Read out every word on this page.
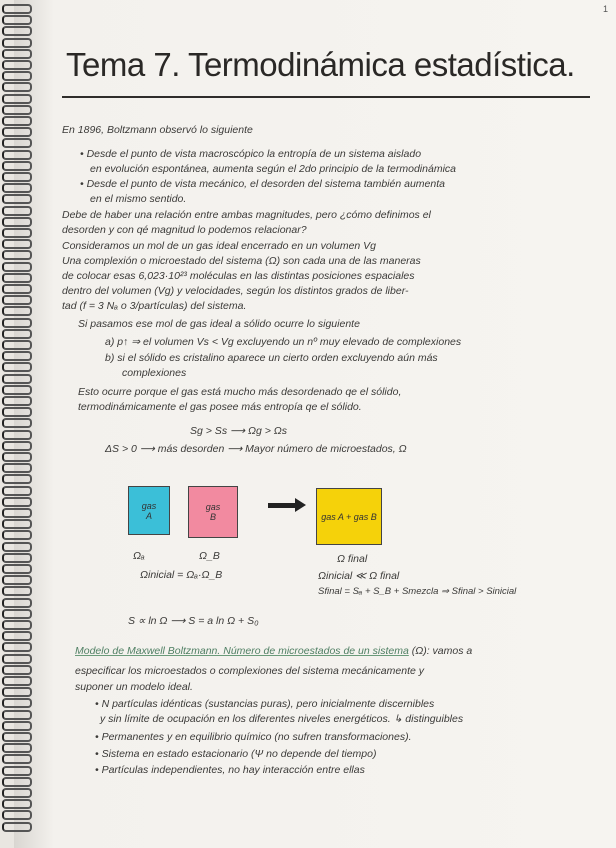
1
Tema 7. Termodinámica estadística.
En 1896, Boltzmann observó lo siguiente
• Desde el punto de vista macroscópico la entropía de un sistema aislado
en evolución espontánea, aumenta según el 2do principio de la termodinámica
• Desde el punto de vista mecánico, el desorden del sistema también aumenta
en el mismo sentido.
Debe de haber una relación entre ambas magnitudes, pero ¿cómo definimos el
desorden y con qé magnitud lo podemos relacionar?
Consideramos un mol de un gas ideal encerrado en un volumen Vg
Una complexión o microestado del sistema (Ω) son cada una de las maneras
de colocar esas 6,023·10²³ moléculas en las distintas posiciones espaciales
dentro del volumen (Vg) y velocidades, según los distintos grados de liber-
tad (f = 3 Nₐ o 3/partículas) del sistema.
Si pasamos ese mol de gas ideal a sólido ocurre lo siguiente
a) p↑ ⇒ el volumen Vs < Vg excluyendo un nº muy elevado de complexiones
b) si el sólido es cristalino aparece un cierto orden excluyendo aún más
complexiones
Esto ocurre porque el gas está mucho más desordenado qe el sólido,
termodinámicamente el gas posee más entropía qe el sólido.
Sg > Ss ⟶ Ωg > Ωs
ΔS > 0 ⟶ más desorden ⟶ Mayor número de microestados, Ω
gas
A
gas
B	gas A + gas B
Ωₐ	Ω_B	Ω final
Ωinicial = Ωₐ·Ω_B	Ωinicial ≪ Ω final
Sfinal = Sₐ + S_B + Smezcla ⇒ Sfinal > Sinicial
S ∝ ln Ω ⟶ S = a ln Ω + S₀
Modelo de Maxwell Boltzmann. Número de microestados de un sistema (Ω): vamos a
especificar los microestados o complexiones del sistema mecánicamente y
suponer un modelo ideal.
• N partículas idénticas (sustancias puras), pero inicialmente discernibles
y sin límite de ocupación en los diferentes niveles energéticos. ↳ distinguibles
• Permanentes y en equilibrio químico (no sufren transformaciones).
• Sistema en estado estacionario (Ψ no depende del tiempo)
• Partículas independientes, no hay interacción entre ellas
